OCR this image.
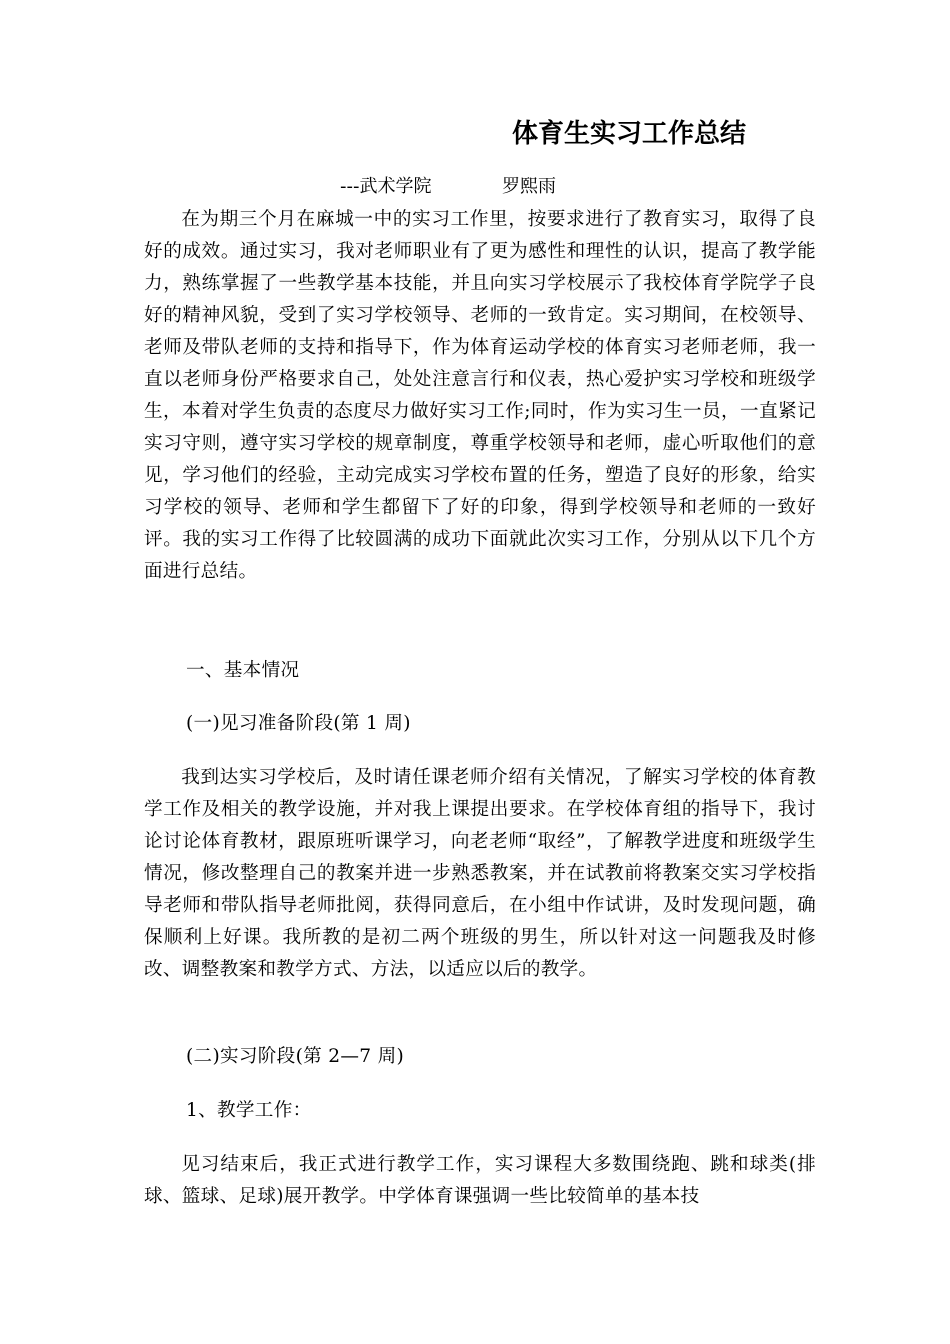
体育生实习工作总结
---武术学院	罗熙雨

在为期三个月在麻城一中的实习工作里，按要求进行了教育实习，取得了良好的成效。通过实习，我对老师职业有了更为感性和理性的认识，提高了教学能力，熟练掌握了一些教学基本技能，并且向实习学校展示了我校体育学院学子良好的精神风貌，受到了实习学校领导、老师的一致肯定。实习期间，在校领导、老师及带队老师的支持和指导下，作为体育运动学校的体育实习老师老师，我一直以老师身份严格要求自己，处处注意言行和仪表，热心爱护实习学校和班级学生，本着对学生负责的态度尽力做好实习工作;同时，作为实习生一员，一直紧记实习守则，遵守实习学校的规章制度，尊重学校领导和老师，虚心听取他们的意见，学习他们的经验，主动完成实习学校布置的任务，塑造了良好的形象，给实习学校的领导、老师和学生都留下了好的印象，得到学校领导和老师的一致好评。我的实习工作得了比较圆满的成功下面就此次实习工作，分别从以下几个方面进行总结。

一、基本情况
(一)见习准备阶段(第 1 周)

我到达实习学校后，及时请任课老师介绍有关情况，了解实习学校的体育教学工作及相关的教学设施，并对我上课提出要求。在学校体育组的指导下，我讨论讨论体育教材，跟原班听课学习，向老老师“取经”，了解教学进度和班级学生情况，修改整理自己的教案并进一步熟悉教案，并在试教前将教案交实习学校指导老师和带队指导老师批阅，获得同意后，在小组中作试讲，及时发现问题，确保顺利上好课。我所教的是初二两个班级的男生，所以针对这一问题我及时修改、调整教案和教学方式、方法，以适应以后的教学。

(二)实习阶段(第 2—7 周)
1、教学工作：

见习结束后，我正式进行教学工作，实习课程大多数围绕跑、跳和球类(排球、篮球、足球)展开教学。中学体育课强调一些比较简单的基本技
